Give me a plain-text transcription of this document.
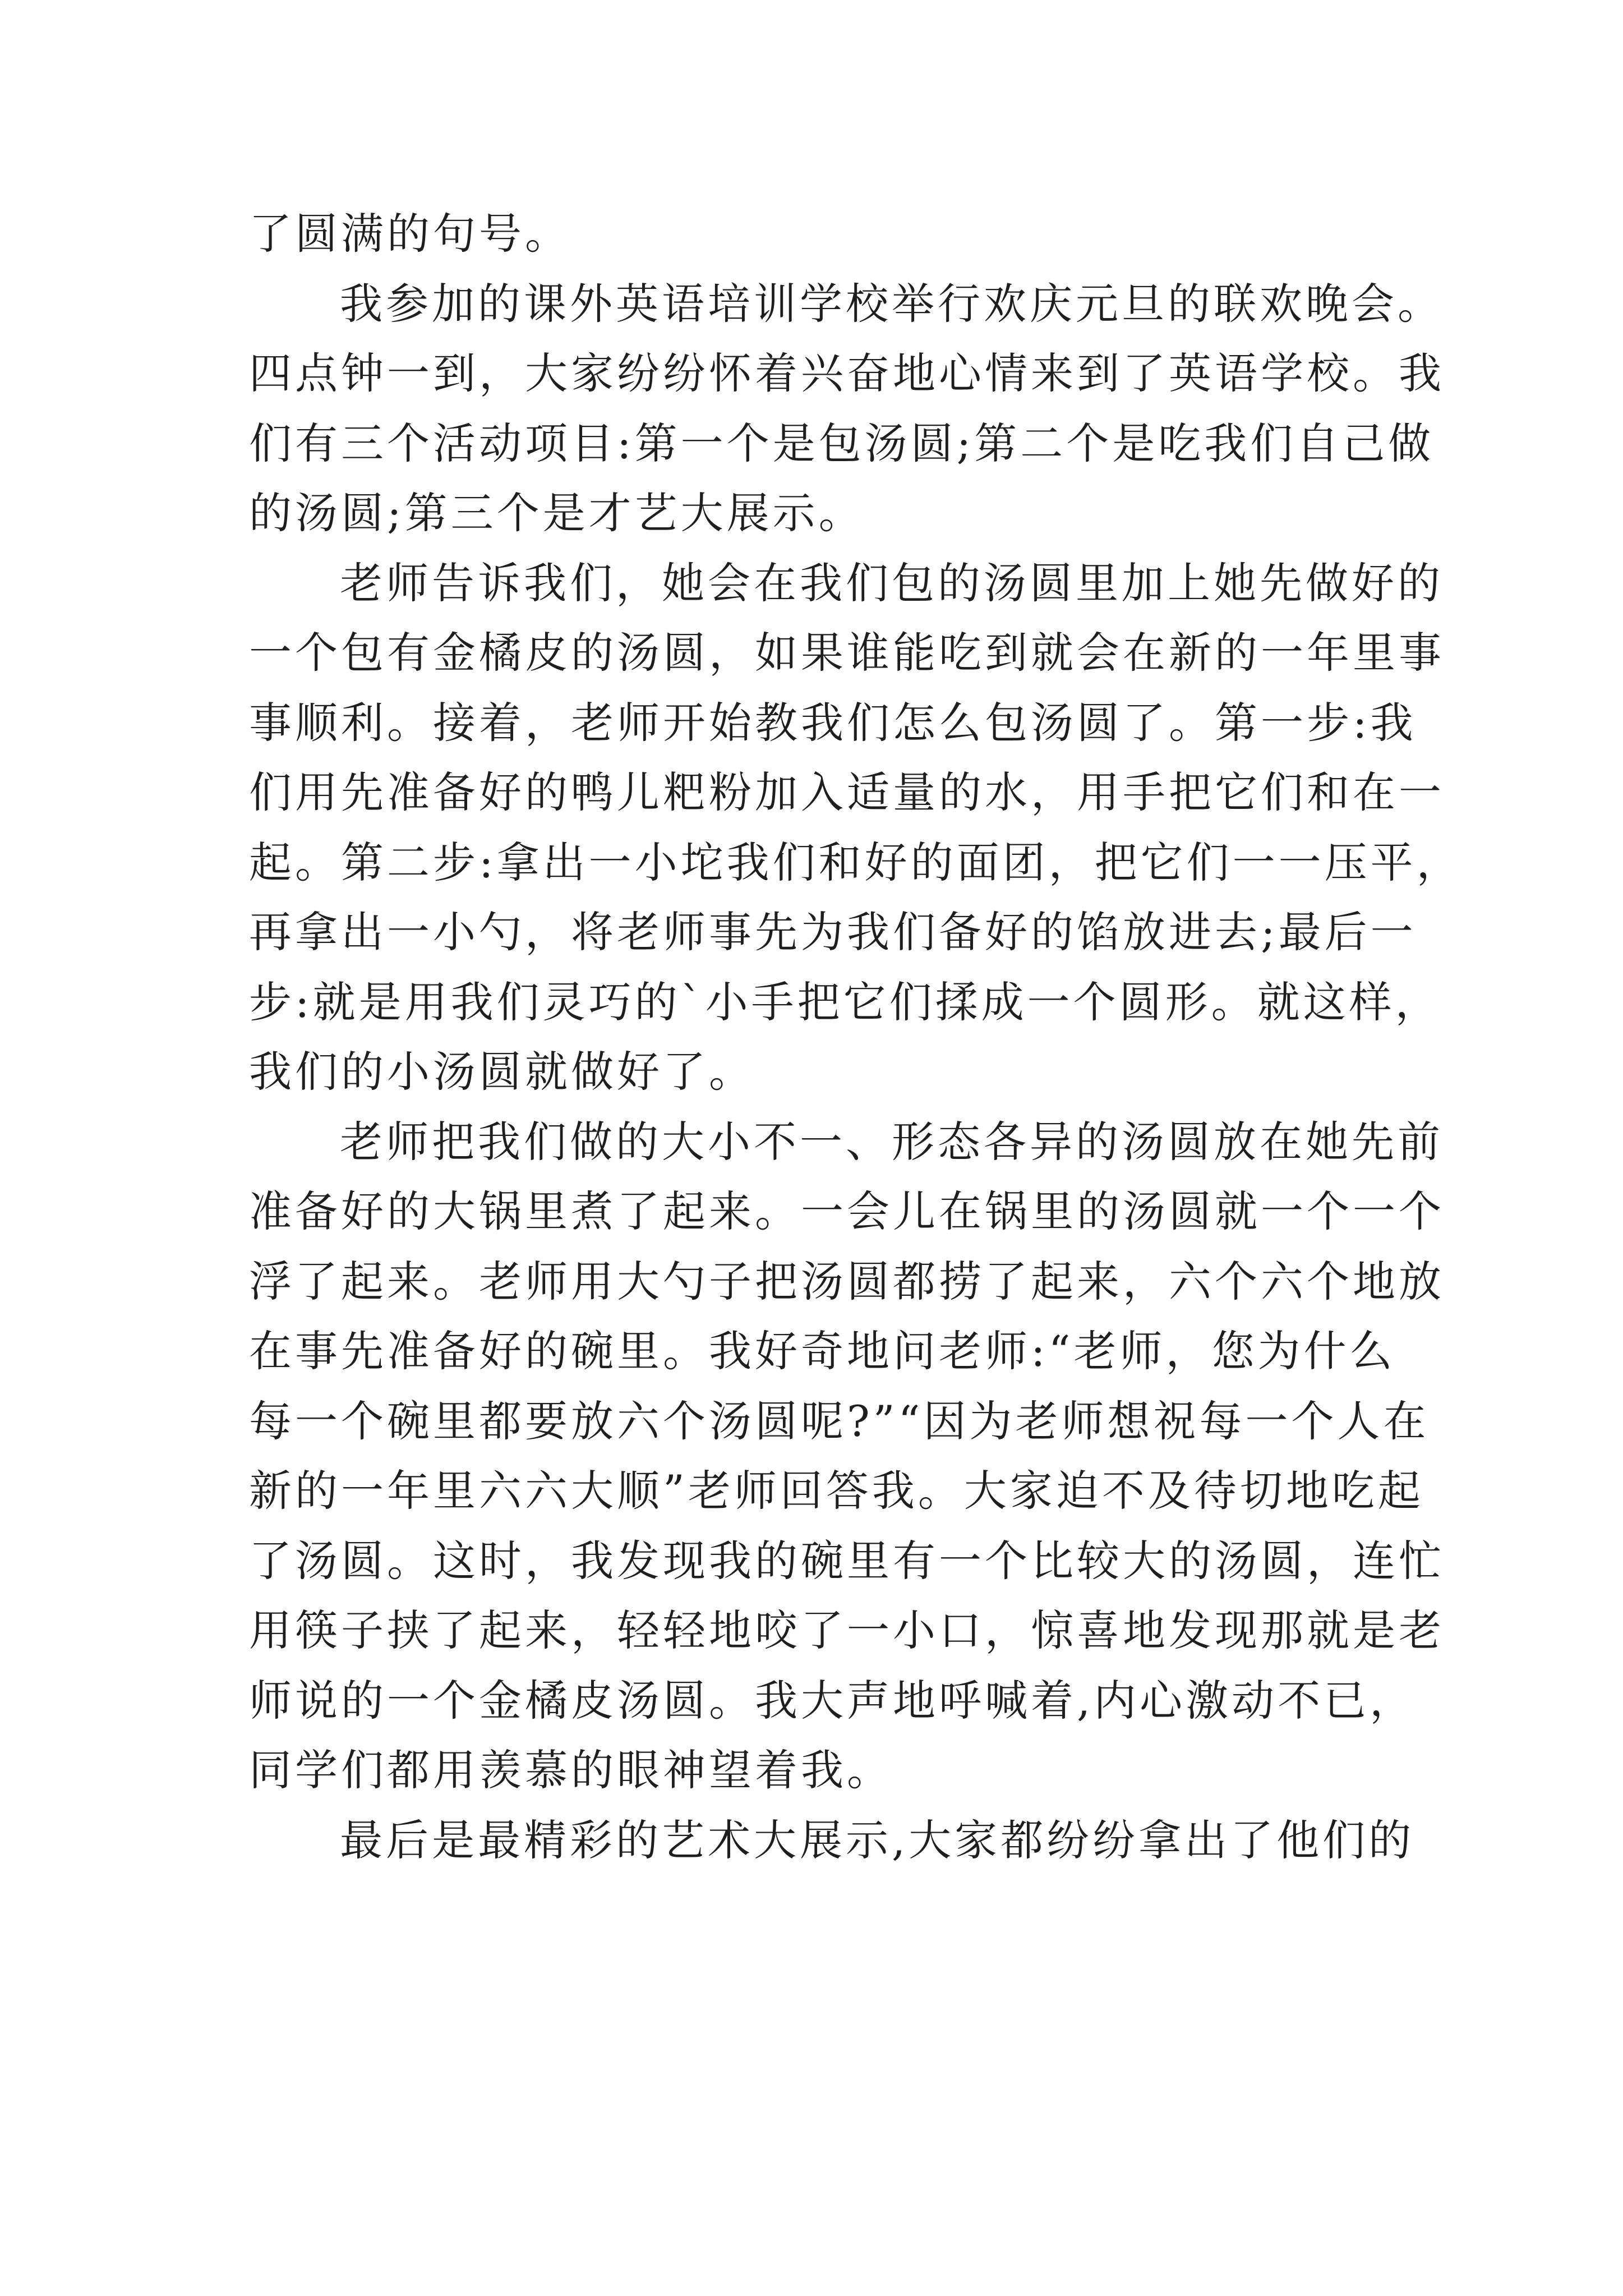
了圆满的句号。
我参加的课外英语培训学校举行欢庆元旦的联欢晚会。
四点钟一到，大家纷纷怀着兴奋地心情来到了英语学校。我
们有三个活动项目:第一个是包汤圆;第二个是吃我们自己做
的汤圆;第三个是才艺大展示。
老师告诉我们，她会在我们包的汤圆里加上她先做好的
一个包有金橘皮的汤圆，如果谁能吃到就会在新的一年里事
事顺利。接着，老师开始教我们怎么包汤圆了。第一步:我
们用先准备好的鸭儿粑粉加入适量的水，用手把它们和在一
起。第二步:拿出一小坨我们和好的面团，把它们一一压平，
再拿出一小勺，将老师事先为我们备好的馅放进去;最后一
步:就是用我们灵巧的`小手把它们揉成一个圆形。就这样，
我们的小汤圆就做好了。
老师把我们做的大小不一、形态各异的汤圆放在她先前
准备好的大锅里煮了起来。一会儿在锅里的汤圆就一个一个
浮了起来。老师用大勺子把汤圆都捞了起来，六个六个地放
在事先准备好的碗里。我好奇地问老师:“老师，您为什么
每一个碗里都要放六个汤圆呢?”“因为老师想祝每一个人在
新的一年里六六大顺”老师回答我。大家迫不及待切地吃起
了汤圆。这时，我发现我的碗里有一个比较大的汤圆，连忙
用筷子挟了起来，轻轻地咬了一小口，惊喜地发现那就是老
师说的一个金橘皮汤圆。我大声地呼喊着,内心激动不已，
同学们都用羡慕的眼神望着我。
最后是最精彩的艺术大展示,大家都纷纷拿出了他们的
